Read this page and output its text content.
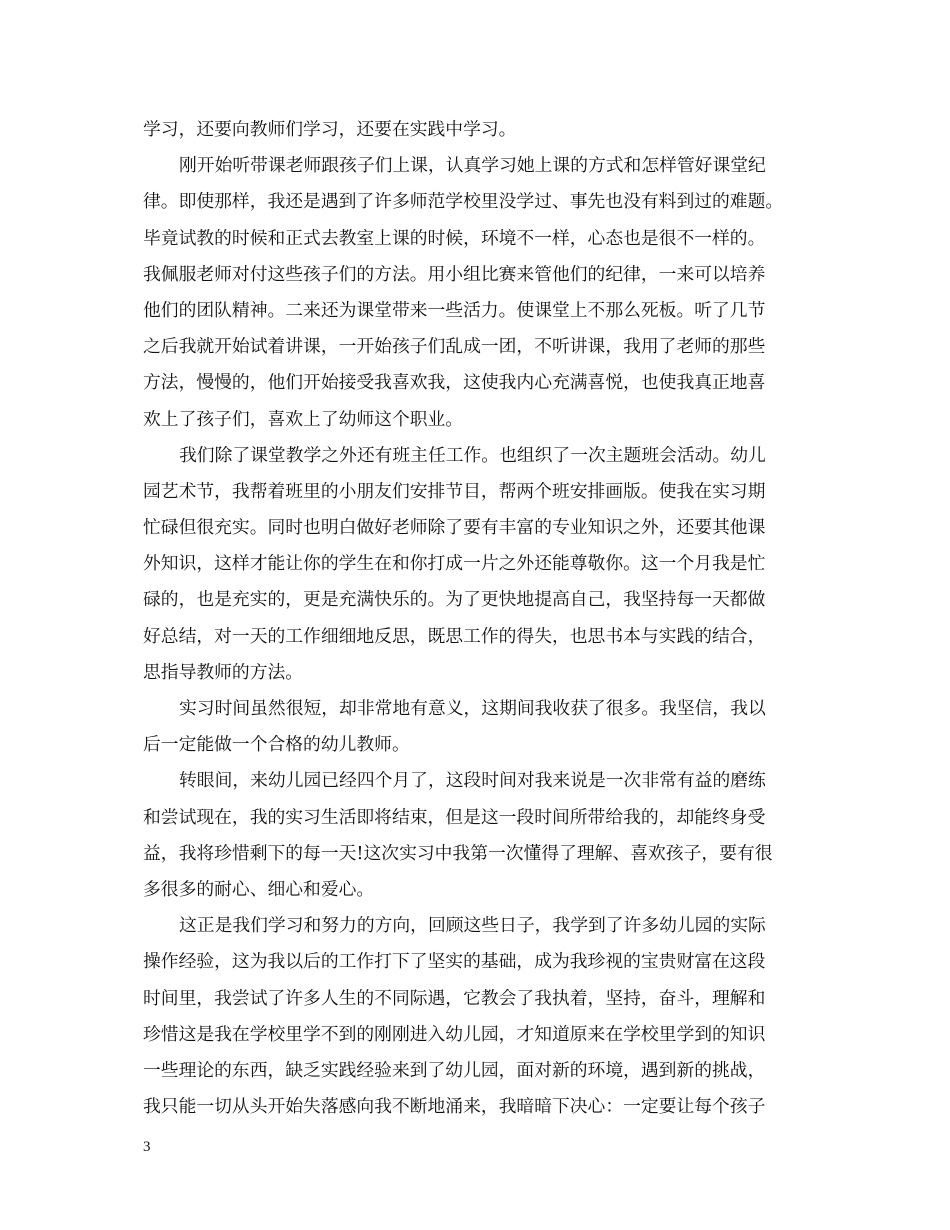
学习，还要向教师们学习，还要在实践中学习。
刚开始听带课老师跟孩子们上课，认真学习她上课的方式和怎样管好课堂纪
律。即使那样，我还是遇到了许多师范学校里没学过、事先也没有料到过的难题。
毕竟试教的时候和正式去教室上课的时候，环境不一样，心态也是很不一样的。
我佩服老师对付这些孩子们的方法。用小组比赛来管他们的纪律，一来可以培养
他们的团队精神。二来还为课堂带来一些活力。使课堂上不那么死板。听了几节
之后我就开始试着讲课，一开始孩子们乱成一团，不听讲课，我用了老师的那些
方法，慢慢的，他们开始接受我喜欢我，这使我内心充满喜悦，也使我真正地喜
欢上了孩子们，喜欢上了幼师这个职业。
我们除了课堂教学之外还有班主任工作。也组织了一次主题班会活动。幼儿
园艺术节，我帮着班里的小朋友们安排节目，帮两个班安排画版。使我在实习期
忙碌但很充实。同时也明白做好老师除了要有丰富的专业知识之外，还要其他课
外知识，这样才能让你的学生在和你打成一片之外还能尊敬你。这一个月我是忙
碌的，也是充实的，更是充满快乐的。为了更快地提高自己，我坚持每一天都做
好总结，对一天的工作细细地反思，既思工作的得失，也思书本与实践的结合，
思指导教师的方法。
实习时间虽然很短，却非常地有意义，这期间我收获了很多。我坚信，我以
后一定能做一个合格的幼儿教师。
转眼间，来幼儿园已经四个月了，这段时间对我来说是一次非常有益的磨练
和尝试现在，我的实习生活即将结束，但是这一段时间所带给我的，却能终身受
益，我将珍惜剩下的每一天!这次实习中我第一次懂得了理解、喜欢孩子，要有很
多很多的耐心、细心和爱心。
这正是我们学习和努力的方向，回顾这些日子，我学到了许多幼儿园的实际
操作经验，这为我以后的工作打下了坚实的基础，成为我珍视的宝贵财富在这段
时间里，我尝试了许多人生的不同际遇，它教会了我执着，坚持，奋斗，理解和
珍惜这是我在学校里学不到的刚刚进入幼儿园，才知道原来在学校里学到的知识
一些理论的东西，缺乏实践经验来到了幼儿园，面对新的环境，遇到新的挑战，
我只能一切从头开始失落感向我不断地涌来，我暗暗下决心：一定要让每个孩子
3
